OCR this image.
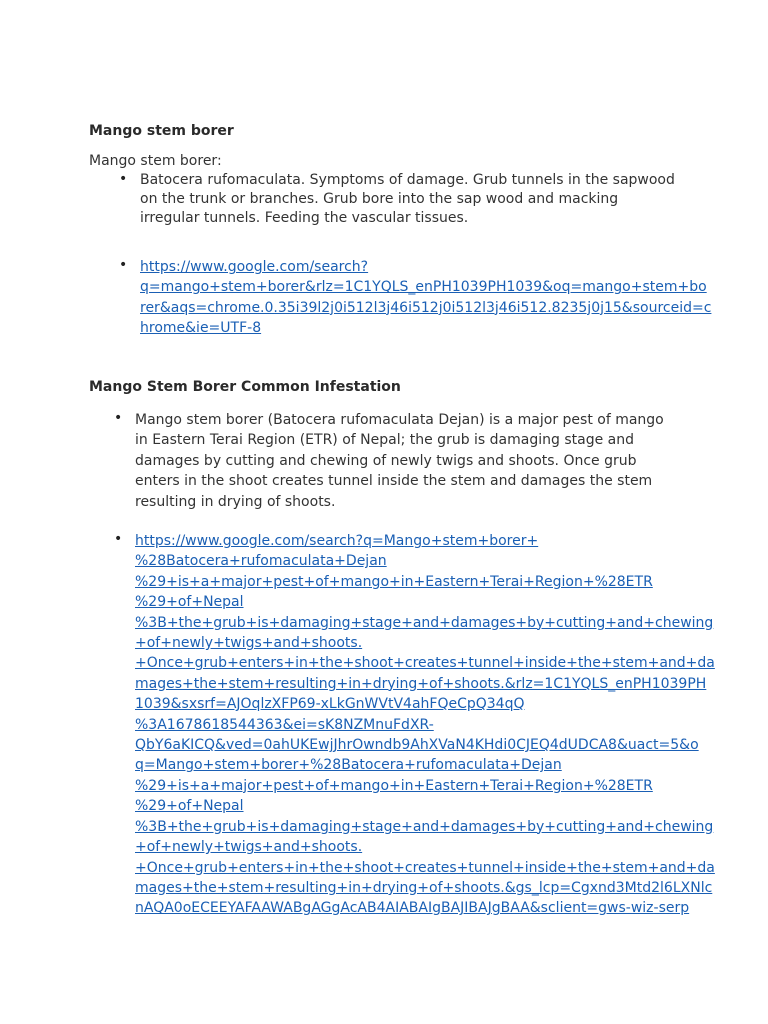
Mango stem borer

Mango stem borer:

• Batocera rufomaculata. Symptoms of damage. Grub tunnels in the sapwood on the trunk or branches. Grub bore into the sap wood and macking irregular tunnels. Feeding the vascular tissues.

• https://www.google.com/search?
q=mango+stem+borer&rlz=1C1YQLS_enPH1039PH1039&oq=mango+stem+bo
rer&aqs=chrome.0.35i39l2j0i512l3j46i512j0i512l3j46i512.8235j0j15&sourceid=c
hrome&ie=UTF-8
Mango Stem Borer Common Infestation
• Mango stem borer (Batocera rufomaculata Dejan) is a major pest of mango in Eastern Terai Region (ETR) of Nepal; the grub is damaging stage and damages by cutting and chewing of newly twigs and shoots. Once grub enters in the shoot creates tunnel inside the stem and damages the stem resulting in drying of shoots.

• https://www.google.com/search?q=Mango+stem+borer+
%28Batocera+rufomaculata+Dejan
%29+is+a+major+pest+of+mango+in+Eastern+Terai+Region+%28ETR
%29+of+Nepal
%3B+the+grub+is+damaging+stage+and+damages+by+cutting+and+chewing
+of+newly+twigs+and+shoots.
+Once+grub+enters+in+the+shoot+creates+tunnel+inside+the+stem+and+da
mages+the+stem+resulting+in+drying+of+shoots.&rlz=1C1YQLS_enPH1039PH
1039&sxsrf=AJOqlzXFP69-xLkGnWVtV4ahFQeCpQ34qQ
%3A1678618544363&ei=sK8NZMnuFdXR-
QbY6aKICQ&ved=0ahUKEwjJhrOwndb9AhXVaN4KHdi0CJEQ4dUDCA8&uact=5&o
q=Mango+stem+borer+%28Batocera+rufomaculata+Dejan
%29+is+a+major+pest+of+mango+in+Eastern+Terai+Region+%28ETR
%29+of+Nepal
%3B+the+grub+is+damaging+stage+and+damages+by+cutting+and+chewing
+of+newly+twigs+and+shoots.
+Once+grub+enters+in+the+shoot+creates+tunnel+inside+the+stem+and+da
mages+the+stem+resulting+in+drying+of+shoots.&gs_lcp=Cgxnd3Mtd2l6LXNlc
nAQA0oECEEYAFAAWABgAGgAcAB4AIABAIgBAJIBAJgBAA&sclient=gws-wiz-serp
